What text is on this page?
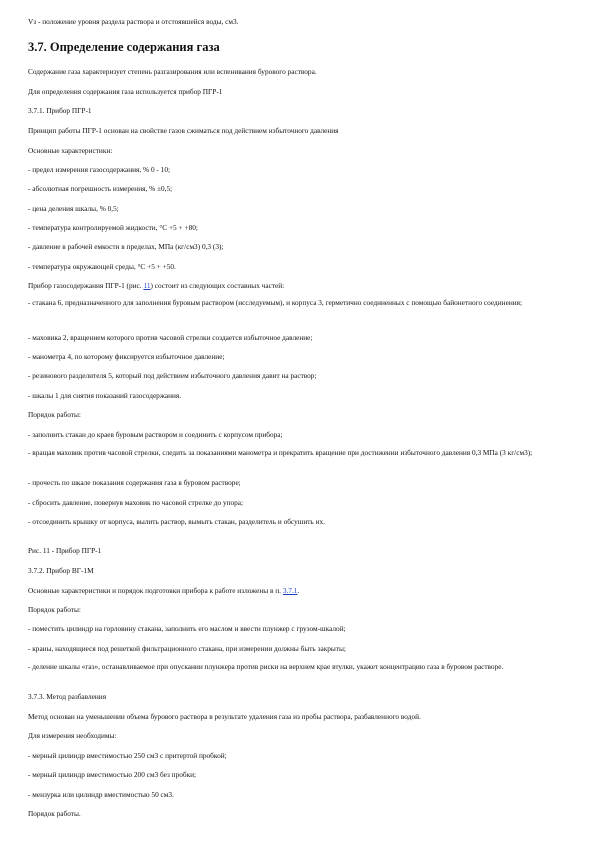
Vз - положение уровня раздела раствора и отстоявшейся воды, см3.
3.7. Определение содержания газа
Содержание газа характеризует степень разгазирования или вспенивания бурового раствора.
Для определения содержания газа используется прибор ПГР-1
3.7.1. Прибор ПГР-1
Принцип работы ПГР-1 основан на свойстве газов сжиматься под действием избыточного давления
Основные характеристики:
- предел измерения газосодержания, % 0 - 10;
- абсолютная погрешность измерения, % ±0,5;
- цена деления шкалы, % 0,5;
- температура контролируемой жидкости, °С +5 + +80;
- давление в рабочей емкости в пределах, МПа (кг/см3) 0,3 (3);
- температура окружающей среды, °С +5 + +50.
Прибор газосодержания ПГР-1 (рис. 11) состоит из следующих составных частей:
- стакана 6, предназначенного для заполнения буровым раствором (исследуемым), и корпуса 3, герметично соединенных с помощью байонетного соединения;
- маховика 2, вращением которого против часовой стрелки создается избыточное давление;
- манометра 4, по которому фиксируется избыточное давление;
- резинового разделителя 5, который под действием избыточного давления давит на раствор;
- шкалы 1 для снятия показаний газосодержания.
Порядок работы:
- заполнить стакан до краев буровым раствором и соединить с корпусом прибора;
- вращая маховик против часовой стрелки, следить за показаниями манометра и прекратить вращение при достижении избыточного давления 0,3 МПа (3 кг/см3);
- прочесть по шкале показания содержания газа в буровом растворе;
- сбросить давление, повернув маховик по часовой стрелке до упора;
- отсоединить крышку от корпуса, вылить раствор, вымыть стакан, разделитель и обсушить их.
Рис. 11 - Прибор ПГР-1
3.7.2. Прибор ВГ-1М
Основные характеристики и порядок подготовки прибора к работе изложены в п. 3.7.1.
Порядок работы:
- поместить цилиндр на горловину стакана, заполнить его маслом и ввести плунжер с грузом-шкалой;
- краны, находящиеся под решеткой фильтрационного стакана, при измерении должны быть закрыты;
- деление шкалы «газ», останавливаемое при опускании плунжера против риски на верхнем крае втулки, укажет концентрацию газа в буровом растворе.
3.7.3. Метод разбавления
Метод основан на уменьшении объема бурового раствора в результате удаления газа из пробы раствора, разбавленного водой.
Для измерения необходимы:
- мерный цилиндр вместимостью 250 см3 с притертой пробкой;
- мерный цилиндр вместимостью 200 см3 без пробки;
- мензурка или цилиндр вместимостью 50 см3.
Порядок работы.
